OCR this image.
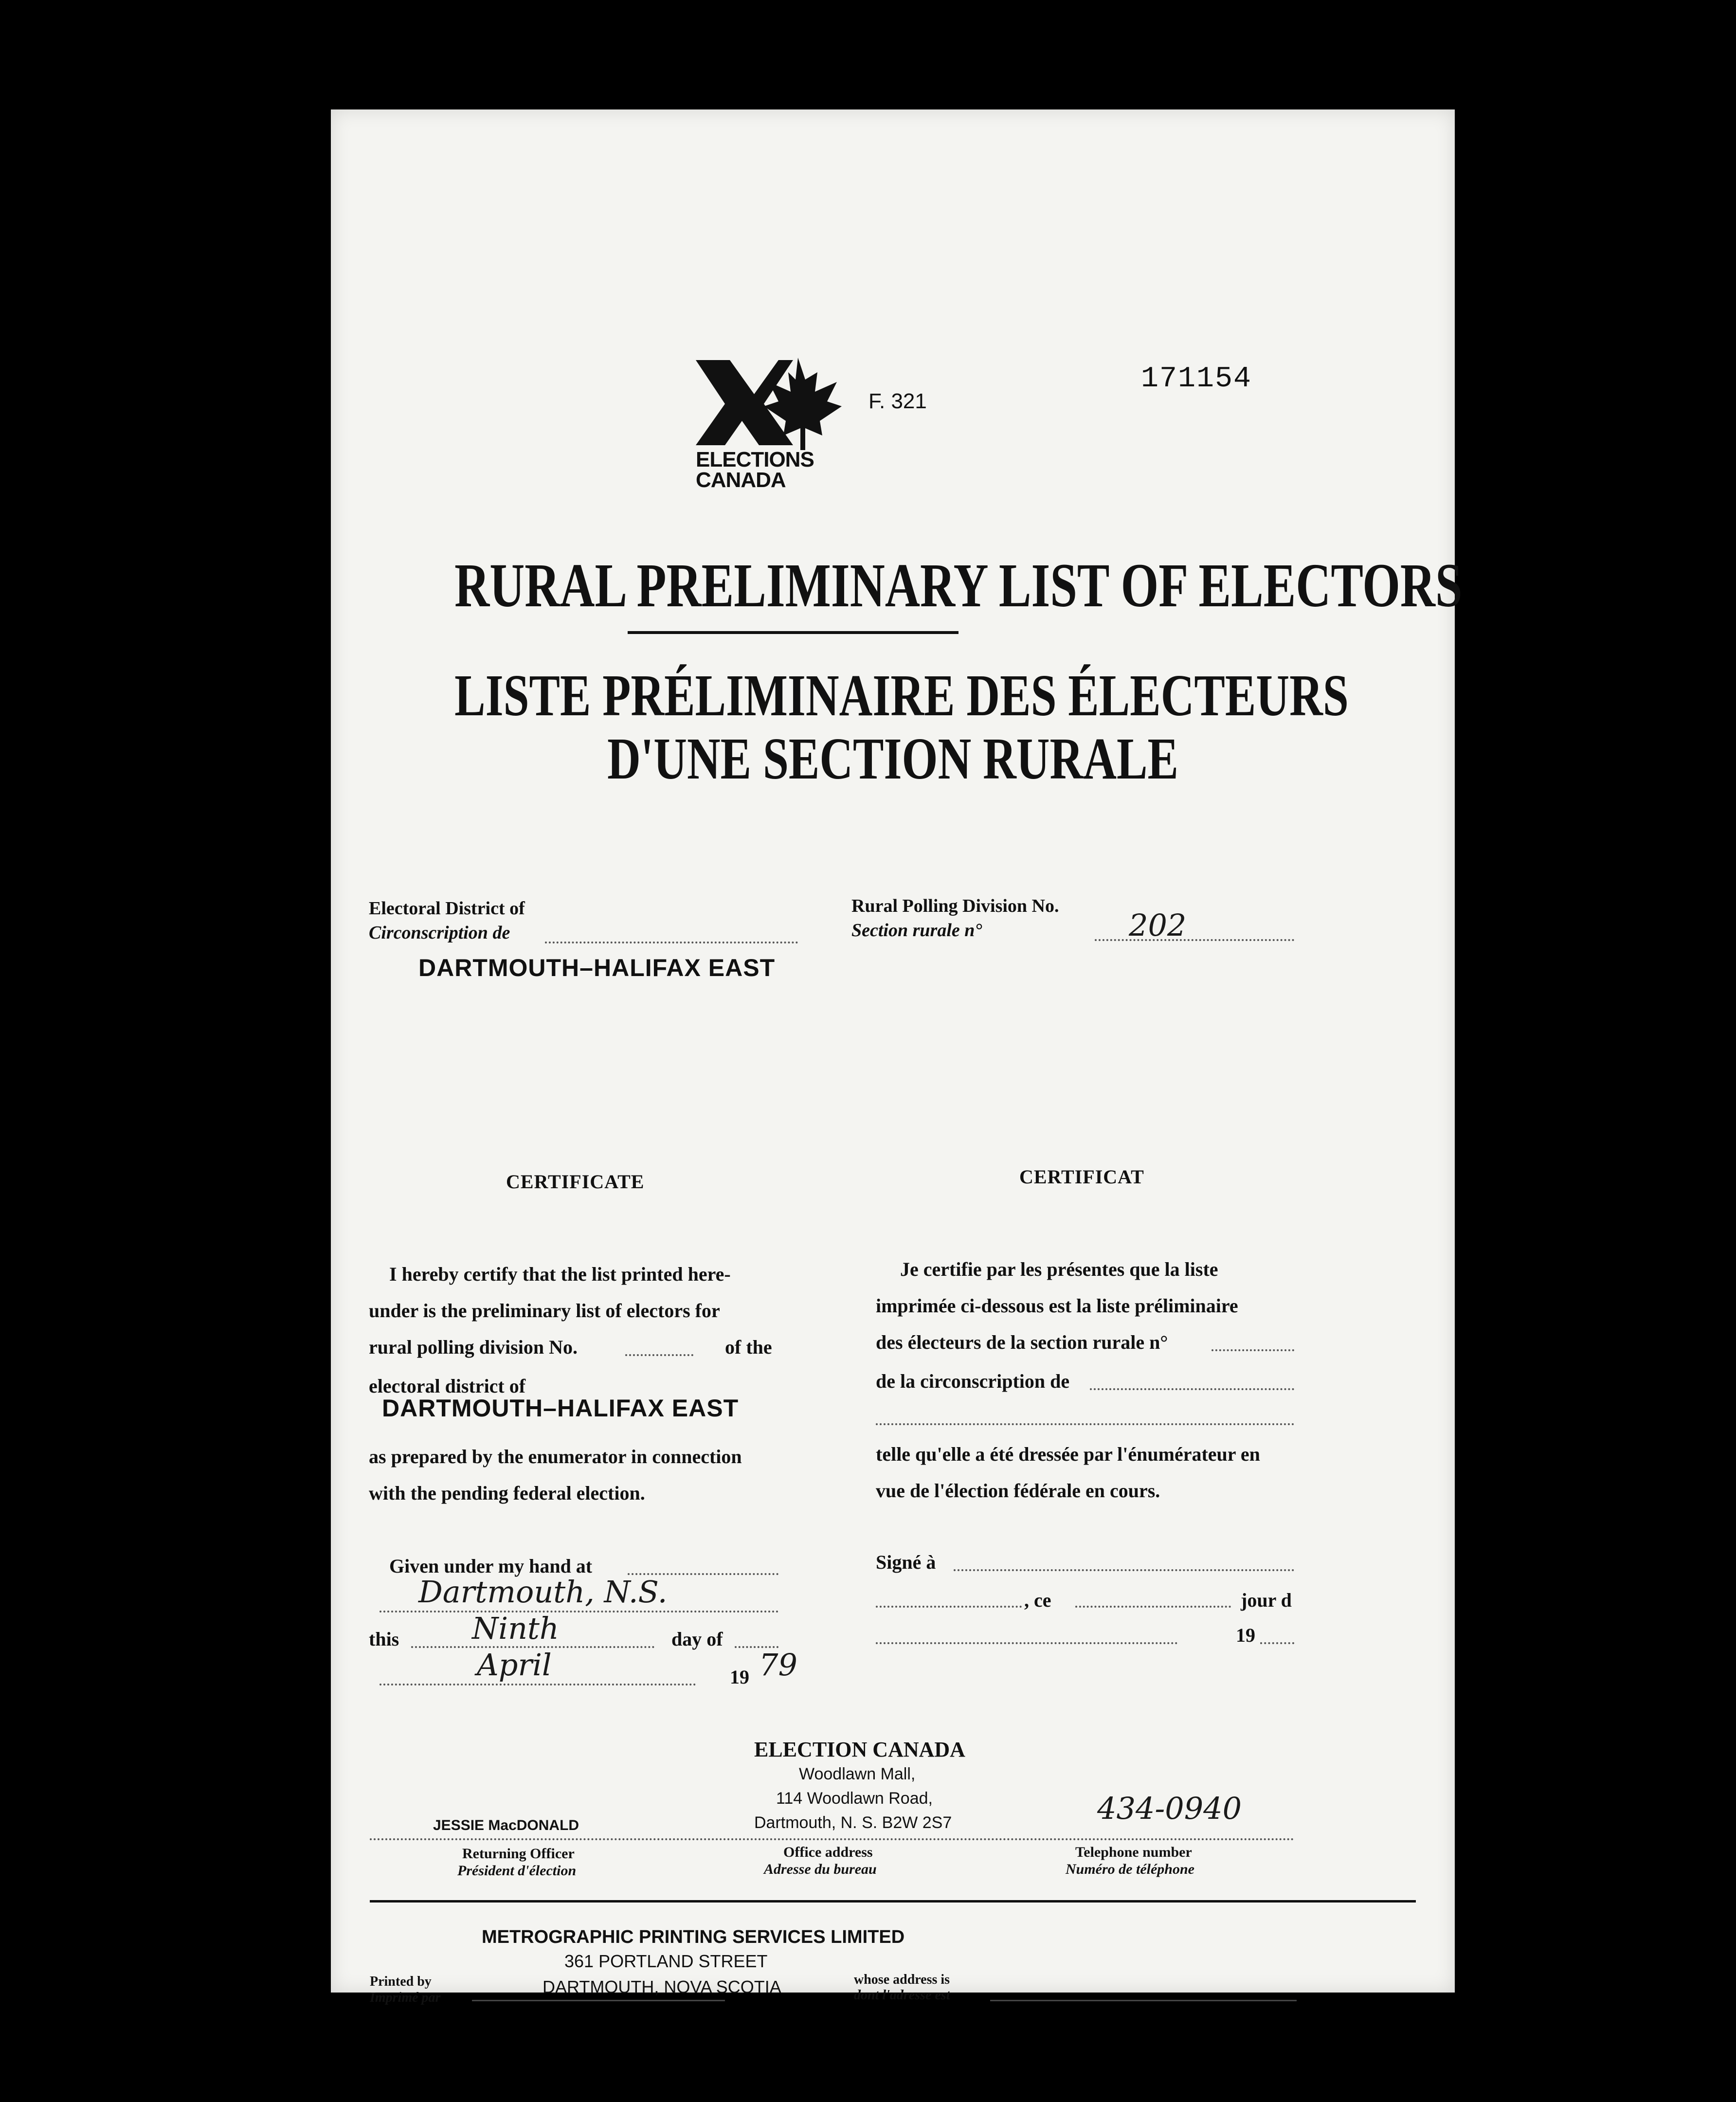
ELECTIONS
CANADA
F. 321
171154
RURAL PRELIMINARY LIST OF ELECTORS
LISTE PRÉLIMINAIRE DES ÉLECTEURS
D'UNE SECTION RURALE
Electoral District of
Circonscription de
DARTMOUTH–HALIFAX EAST
Rural Polling Division No.
Section rurale n°	202
CERTIFICATE	CERTIFICAT
I hereby certify that the list printed here-
under is the preliminary list of electors for
rural polling division No.	of the
electoral district of
DARTMOUTH–HALIFAX EAST
as prepared by the enumerator in connection
with the pending federal election.
Given under my hand at
Dartmouth, N.S.
this Ninth	day of
April	19 79
Je certifie par les présentes que la liste
imprimée ci-dessous est la liste préliminaire
des électeurs de la section rurale n°
de la circonscription de
telle qu'elle a été dressée par l'énumérateur en
vue de l'élection fédérale en cours.
Signé à
, ce	jour d
19
ELECTION CANADA
Woodlawn Mall,
114 Woodlawn Road,
Dartmouth, N. S. B2W 2S7
JESSIE MacDONALD	434-0940
Returning Officer
Président d'élection
Office address
Adresse du bureau
Telephone number
Numéro de téléphone
METROGRAPHIC PRINTING SERVICES LIMITED
361 PORTLAND STREET
DARTMOUTH, NOVA SCOTIA
Printed by
Imprimé par
whose address is
dont l'adresse est
